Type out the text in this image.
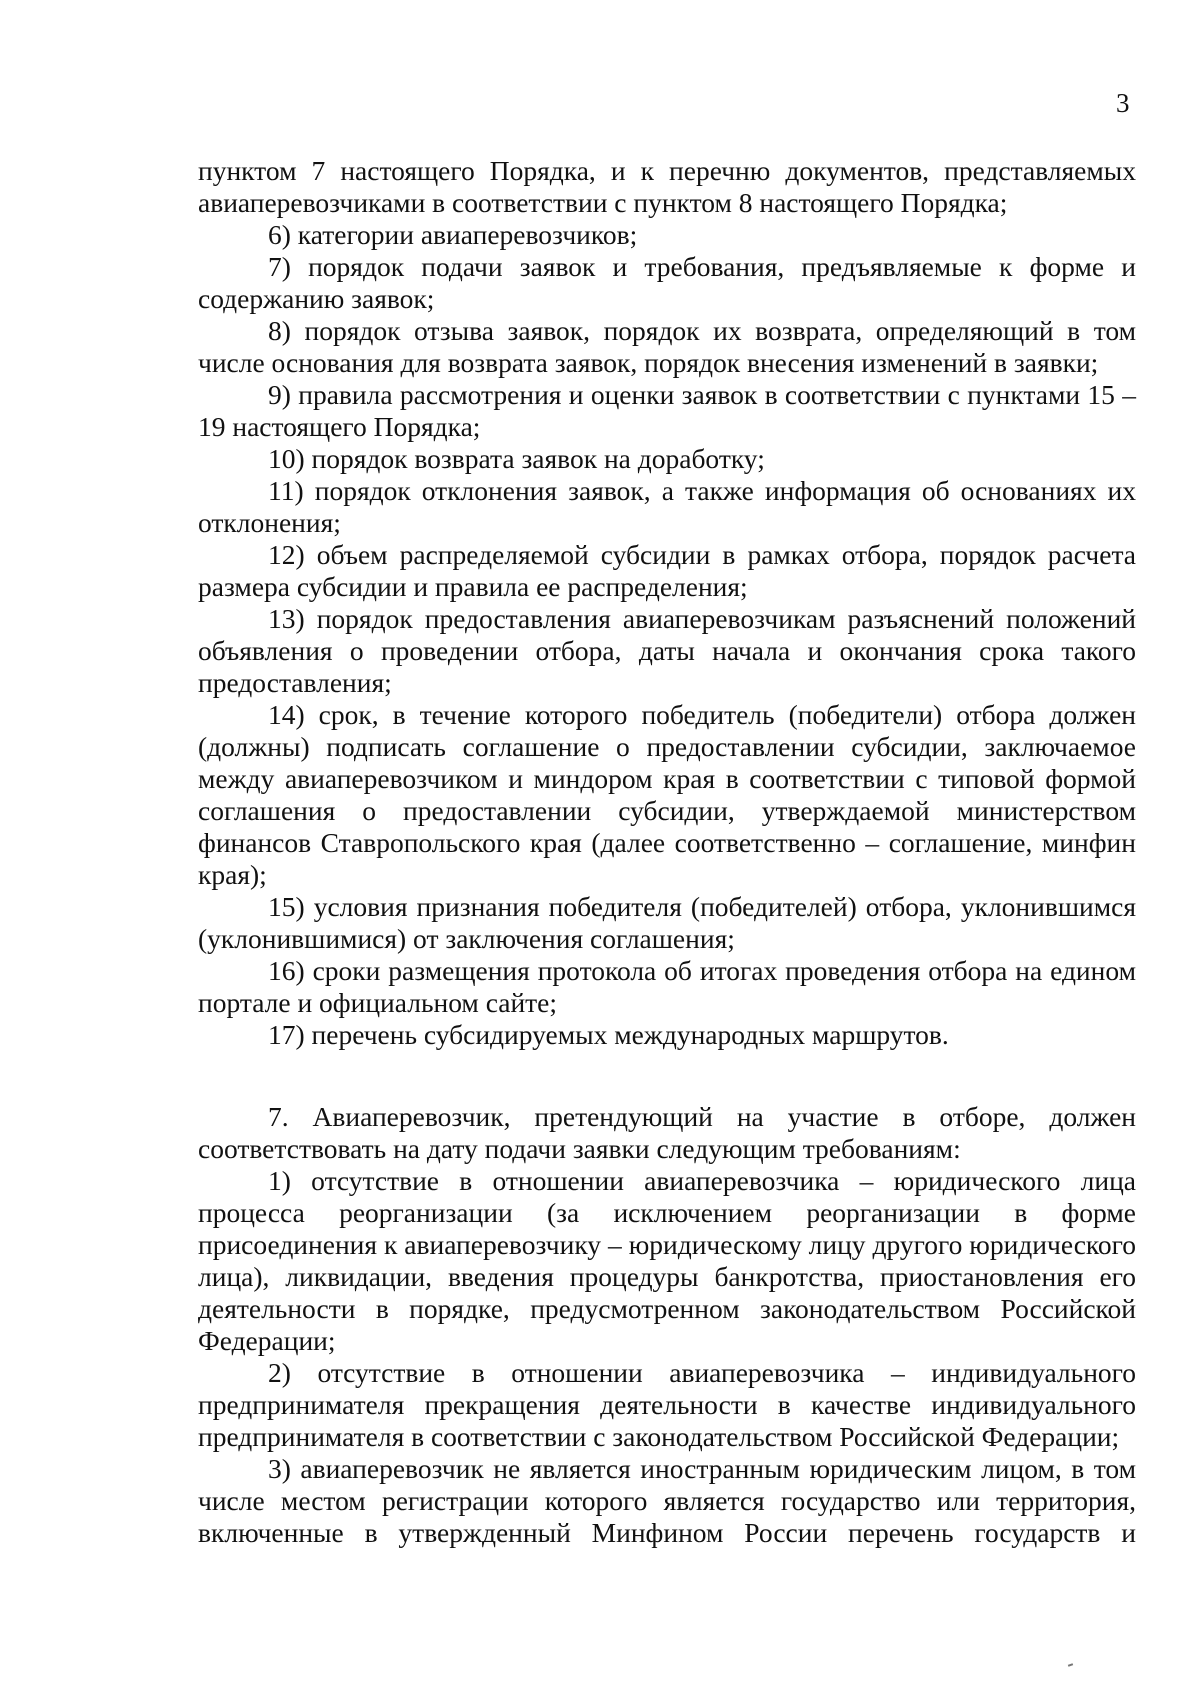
3

пунктом 7 настоящего Порядка, и к перечню документов, представляемых авиаперевозчиками в соответствии с пунктом 8 настоящего Порядка;

6) категории авиаперевозчиков;

7) порядок подачи заявок и требования, предъявляемые к форме и содержанию заявок;

8) порядок отзыва заявок, порядок их возврата, определяющий в том числе основания для возврата заявок, порядок внесения изменений в заявки;

9) правила рассмотрения и оценки заявок в соответствии с пунктами 15 – 19 настоящего Порядка;

10) порядок возврата заявок на доработку;

11) порядок отклонения заявок, а также информация об основаниях их отклонения;

12) объем распределяемой субсидии в рамках отбора, порядок расчета размера субсидии и правила ее распределения;

13) порядок предоставления авиаперевозчикам разъяснений положений объявления о проведении отбора, даты начала и окончания срока такого предоставления;

14) срок, в течение которого победитель (победители) отбора должен (должны) подписать соглашение о предоставлении субсидии, заключаемое между авиаперевозчиком и миндором края в соответствии с типовой формой соглашения о предоставлении субсидии, утверждаемой министерством финансов Ставропольского края (далее соответственно – соглашение, минфин края);

15) условия признания победителя (победителей) отбора, уклонившимся (уклонившимися) от заключения соглашения;

16) сроки размещения протокола об итогах проведения отбора на едином портале и официальном сайте;

17) перечень субсидируемых международных маршрутов.

7. Авиаперевозчик, претендующий на участие в отборе, должен соответствовать на дату подачи заявки следующим требованиям:

1) отсутствие в отношении авиаперевозчика – юридического лица процесса реорганизации (за исключением реорганизации в форме присоединения к авиаперевозчику – юридическому лицу другого юридического лица), ликвидации, введения процедуры банкротства, приостановления его деятельности в порядке, предусмотренном законодательством Российской Федерации;

2) отсутствие в отношении авиаперевозчика – индивидуального предпринимателя прекращения деятельности в качестве индивидуального предпринимателя в соответствии с законодательством Российской Федерации;

3) авиаперевозчик не является иностранным юридическим лицом, в том числе местом регистрации которого является государство или территория, включенные в утвержденный Минфином России перечень государств и
